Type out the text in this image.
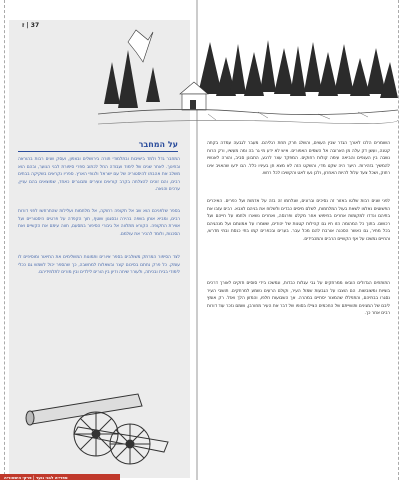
37 | ז
על המחבר

המחבר גדל ולמד בישיבות ובתלמודי תורה בירושלים ובצפון, ועסק שנים רבות בהוראה ובחינוך. לאחר שנים של לימוד ועבודה החל לכתוב ספרי סיפורת לבני הנוער, ובהם הוא משלב את אהבתו להיסטוריה של עם ישראל ולנופי הארץ. ספריו נקראים בשקיקה בבתים רבים, והם זוכים להצלחה בקרב קוראים צעירים ומבוגרים כאחד, שמוצאים בהם עניין, ערכים והנאה.

בספר שלפניכם הוא שב אל תקופה רחוקה, אל מלחמות ועלילות שהתרחשו לפני דורות רבים, ומביא אותן בשפה בהירה ובסגנון שוטף, תוך הקפדה על פרטים היסטוריים ועל אווירת התקופה. הקורא מתלווה אל גיבורי הסיפור במסעם, חווה עימם את הקשיים ואת הסכנות, ולומד להכיר את עולמם.

לצד הסיפור המרתק משולבים בספר איורים ותמונות המשלימים את התיאור ומוסיפים לו עומק. כל פרק נחתם בסיכום קצר ובשאלות למחשבה, כך שהספר יכול לשמש גם ככלי לימודי בבית ובכיתה, ולעורר שיחה ודיון בין הורים לילדים ובין מורים לתלמידיהם.

השומרים הלכו לאורך הגדר שבין העצים, והשלג חרק תחת רגליהם. מעבר לגבעה עמדה בקתה קטנה, ועשן דק עלה מן הארובה אל השמים האפורים. איש לא ידע מי גר בה ומה מעשיו, ורק הרוח נשבה בין הענפים והביאה עימה קולות רחוקים. המפקד עצר לרגע, התבונן סביב, והורה לאנשיו להמשיך בזהירות. היער היה שקט מדי, והשקט הזה לא מצא חן בעיניו כלל. הם ידעו שהאויב אינו רחוק, ושכל צעד עלול להיות האחרון, ולכן נעו לאט והקשיבו לכל רחש.

לפני שנים רבות שלטו באזור זה נסיכים וברונים, שנלחמו זה בזה על אדמות ועל כפרים. האיכרים הפשוטים נאלצו לשאת בעול המלחמות, לשלם מיסים כבדים ולשלוח את בניהם לצבא. רבים עזבו את בתיהם ונדדו למקומות אחרים בחיפוש אחר מקלט ופרנסה, ואחרים נשארו ולחמו על חייהם ועל רכושם. בתוך כל המהומה הזו חיו גם קהילות קטנות של יהודים, ששמרו על אמונתם ועל מנהגיהם בכל מחיר, גם כאשר הסכנה אורבת להם מכל עבר. בערים ובכפרים קמו בתי כנסת ובתי מדרש, והחיים נמשכו על אף הקשיים הרבים והמכבידים.

התותחים הגדולים הובאו ממרחקים על גבי עגלות כבדות, ונמשכו בידי סוסים חזקים לאורך דרכים בוציות ומשובשות. הם הוצבו על הגבעות שמול העיר, וקולם הרעים נשמע למרחקים. תושבי העיר נסגרו בבתיהם, והתפללו שהמצור יסתיים במהרה. אך השבועות חלפו, והמזון הלך ואזל. רק אומץ ליבם של המגינים ותושייתם של החכמים הצילו בסופו של דבר את העיר מחורבן, ושמם נזכר עוד דורות רבים אחר כך.

ספרייה לבני נוער | פרקי היסטוריה
